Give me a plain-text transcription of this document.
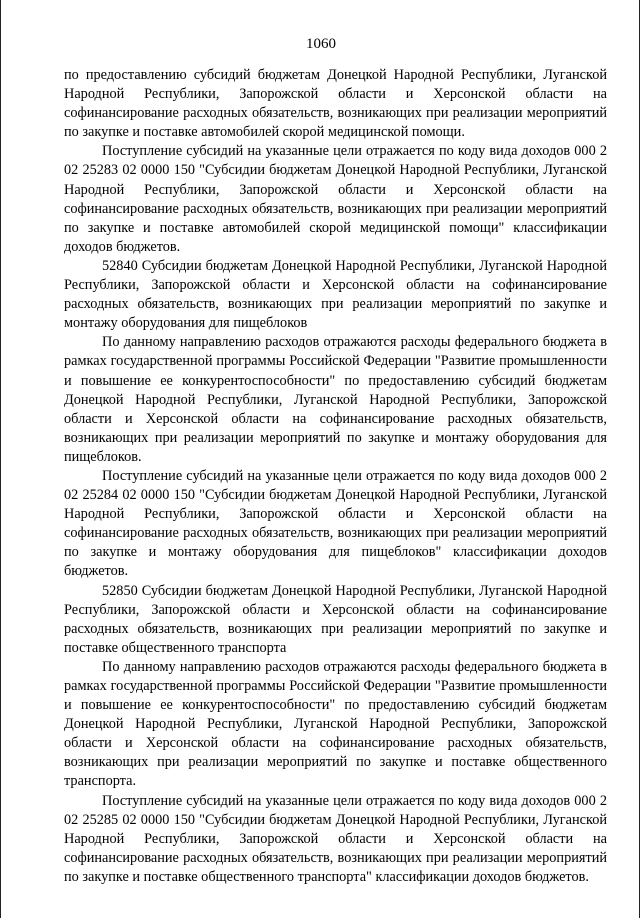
1060

по предоставлению субсидий бюджетам Донецкой Народной Республики, Луганской Народной Республики, Запорожской области и Херсонской области на софинансирование расходных обязательств, возникающих при реализации мероприятий по закупке и поставке автомобилей скорой медицинской помощи.

Поступление субсидий на указанные цели отражается по коду вида доходов 000 2 02 25283 02 0000 150 "Субсидии бюджетам Донецкой Народной Республики, Луганской Народной Республики, Запорожской области и Херсонской области на софинансирование расходных обязательств, возникающих при реализации мероприятий по закупке и поставке автомобилей скорой медицинской помощи" классификации доходов бюджетов.

52840 Субсидии бюджетам Донецкой Народной Республики, Луганской Народной Республики, Запорожской области и Херсонской области на софинансирование расходных обязательств, возникающих при реализации мероприятий по закупке и монтажу оборудования для пищеблоков

По данному направлению расходов отражаются расходы федерального бюджета в рамках государственной программы Российской Федерации "Развитие промышленности и повышение ее конкурентоспособности" по предоставлению субсидий бюджетам Донецкой Народной Республики, Луганской Народной Республики, Запорожской области и Херсонской области на софинансирование расходных обязательств, возникающих при реализации мероприятий по закупке и монтажу оборудования для пищеблоков.

Поступление субсидий на указанные цели отражается по коду вида доходов 000 2 02 25284 02 0000 150 "Субсидии бюджетам Донецкой Народной Республики, Луганской Народной Республики, Запорожской области и Херсонской области на софинансирование расходных обязательств, возникающих при реализации мероприятий по закупке и монтажу оборудования для пищеблоков" классификации доходов бюджетов.

52850 Субсидии бюджетам Донецкой Народной Республики, Луганской Народной Республики, Запорожской области и Херсонской области на софинансирование расходных обязательств, возникающих при реализации мероприятий по закупке и поставке общественного транспорта

По данному направлению расходов отражаются расходы федерального бюджета в рамках государственной программы Российской Федерации "Развитие промышленности и повышение ее конкурентоспособности" по предоставлению субсидий бюджетам Донецкой Народной Республики, Луганской Народной Республики, Запорожской области и Херсонской области на софинансирование расходных обязательств, возникающих при реализации мероприятий по закупке и поставке общественного транспорта.

Поступление субсидий на указанные цели отражается по коду вида доходов 000 2 02 25285 02 0000 150 "Субсидии бюджетам Донецкой Народной Республики, Луганской Народной Республики, Запорожской области и Херсонской области на софинансирование расходных обязательств, возникающих при реализации мероприятий по закупке и поставке общественного транспорта" классификации доходов бюджетов.
